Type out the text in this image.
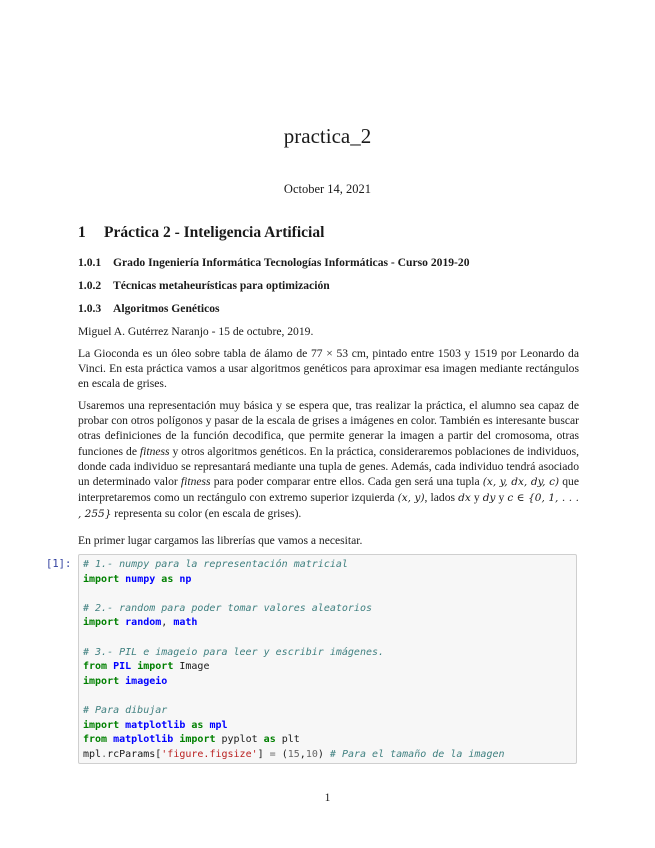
practica_2
October 14, 2021
1 Práctica 2 - Inteligencia Artificial
1.0.1 Grado Ingeniería Informática Tecnologías Informáticas - Curso 2019-20
1.0.2 Técnicas metaheurísticas para optimización
1.0.3 Algoritmos Genéticos
Miguel A. Gutérrez Naranjo - 15 de octubre, 2019.
La Gioconda es un óleo sobre tabla de álamo de 77 × 53 cm, pintado entre 1503 y 1519 por Leonardo da Vinci. En esta práctica vamos a usar algoritmos genéticos para aproximar esa imagen mediante rectángulos en escala de grises.
Usaremos una representación muy básica y se espera que, tras realizar la práctica, el alumno sea capaz de probar con otros polígonos y pasar de la escala de grises a imágenes en color. También es interesante buscar otras definiciones de la función decodifica, que permite generar la imagen a partir del cromosoma, otras funciones de fitness y otros algoritmos genéticos. En la práctica, consideraremos poblaciones de individuos, donde cada individuo se represantará mediante una tupla de genes. Además, cada individuo tendrá asociado un determinado valor fitness para poder comparar entre ellos. Cada gen será una tupla (x, y, dx, dy, c) que interpretaremos como un rectángulo con extremo superior izquierda (x, y), lados dx y dy y c ∈ {0, 1, . . . , 255} representa su color (en escala de grises).
En primer lugar cargamos las librerías que vamos a necesitar.
[1]: # 1.- numpy para la representación matricial
import numpy as np
# 2.- random para poder tomar valores aleatorios
import random, math
# 3.- PIL e imageio para leer y escribir imágenes.
from PIL import Image
import imageio
# Para dibujar
import matplotlib as mpl
from matplotlib import pyplot as plt
mpl.rcParams['figure.figsize'] = (15,10) # Para el tamaño de la imagen
1
